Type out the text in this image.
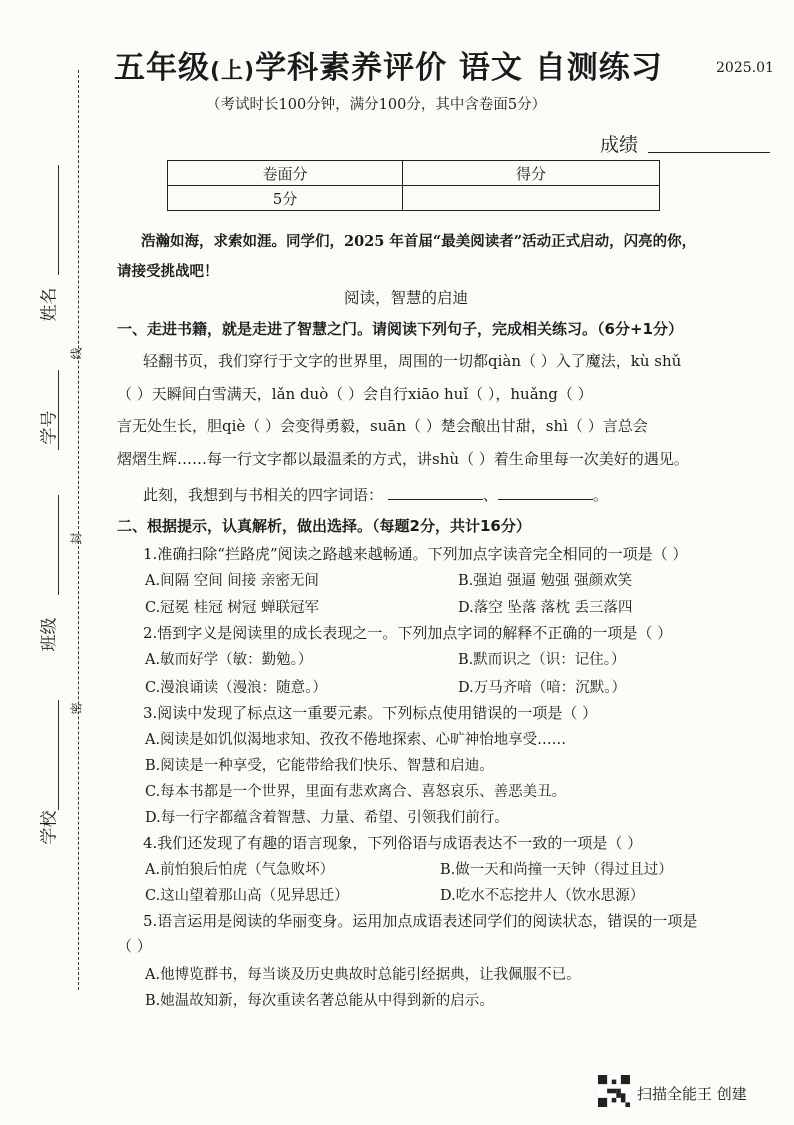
五年级(上)学科素养评价 语文 自测练习	2025.01
（考试时长100分钟，满分100分，其中含卷面5分）
成绩
卷面分	得分
5分	
姓名
学号
班级
学校
线
封
密
浩瀚如海，求索如涯。同学们，2025 年首届“最美阅读者”活动正式启动，闪亮的你，
请接受挑战吧！
阅读，智慧的启迪
一、走进书籍，就是走进了智慧之门。请阅读下列句子，完成相关练习。（6分+1分）
轻翻书页，我们穿行于文字的世界里，周围的一切都qiàn（ ）入了魔法，kù shǔ
（ ）天瞬间白雪满天，lǎn duò（ ）会自行xiāo huǐ（ ），huǎng（ ）
言无处生长，胆qiè（ ）会变得勇毅，suān（ ）楚会酿出甘甜，shì（ ）言总会
熠熠生辉……每一行文字都以最温柔的方式，讲shù（ ）着生命里每一次美好的遇见。
此刻，我想到与书相关的四字词语：	、	。
二、根据提示，认真解析，做出选择。（每题2分，共计16分）
1.准确扫除“拦路虎”阅读之路越来越畅通。下列加点字读音完全相同的一项是（ ）
A.间隔 空间 间接 亲密无间	B.强迫 强逼 勉强 强颜欢笑
C.冠冕 桂冠 树冠 蝉联冠军	D.落空 坠落 落枕 丢三落四
2.悟到字义是阅读里的成长表现之一。下列加点字词的解释不正确的一项是（ ）
A.敏而好学（敏：勤勉。）	B.默而识之（识：记住。）
C.漫浪诵读（漫浪：随意。）	D.万马齐喑（喑：沉默。）
3.阅读中发现了标点这一重要元素。下列标点使用错误的一项是（ ）
A.阅读是如饥似渴地求知、孜孜不倦地探索、心旷神怡地享受……
B.阅读是一种享受，它能带给我们快乐、智慧和启迪。
C.每本书都是一个世界，里面有悲欢离合、喜怒哀乐、善恶美丑。
D.每一行字都蕴含着智慧、力量、希望、引领我们前行。
4.我们还发现了有趣的语言现象，下列俗语与成语表达不一致的一项是（ ）
A.前怕狼后怕虎（气急败坏）	B.做一天和尚撞一天钟（得过且过）
C.这山望着那山高（见异思迁）	D.吃水不忘挖井人（饮水思源）
5.语言运用是阅读的华丽变身。运用加点成语表述同学们的阅读状态，错误的一项是
（ ）
A.他博览群书，每当谈及历史典故时总能引经据典，让我佩服不已。
B.她温故知新，每次重读名著总能从中得到新的启示。
扫描全能王 创建
